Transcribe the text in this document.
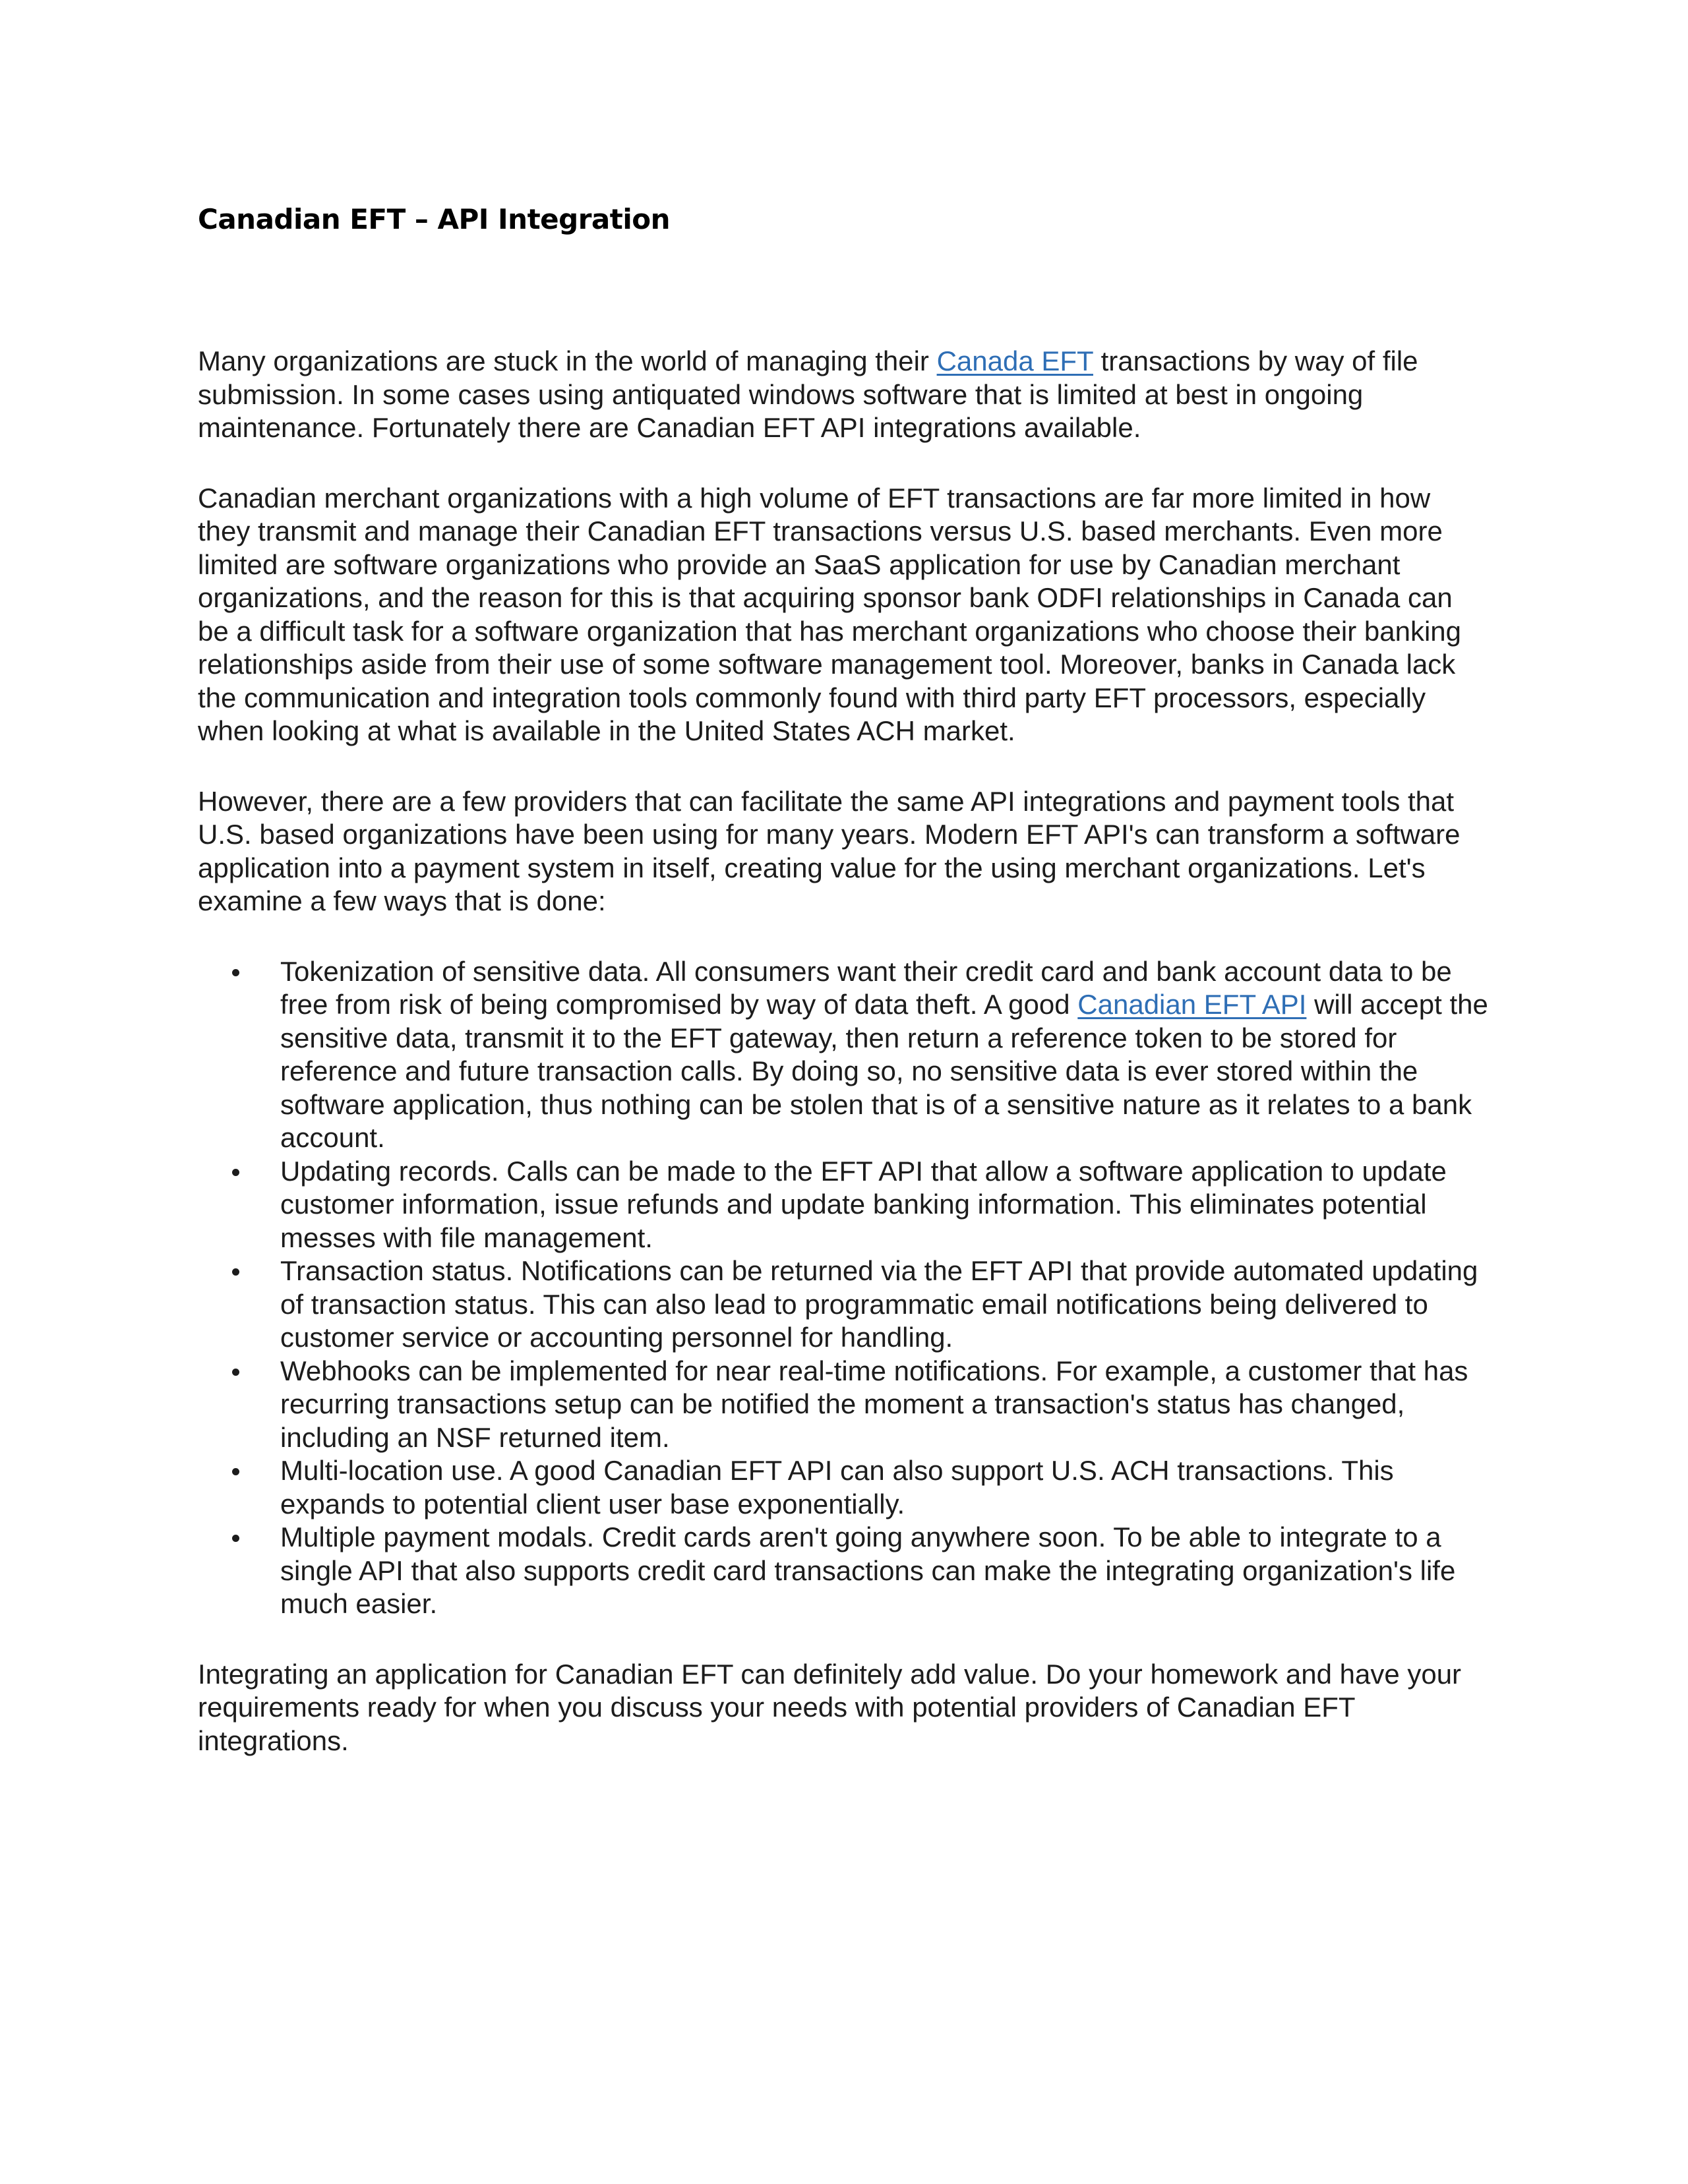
Canadian EFT – API Integration

Many organizations are stuck in the world of managing their Canada EFT transactions by way of file submission. In some cases using antiquated windows software that is limited at best in ongoing maintenance. Fortunately there are Canadian EFT API integrations available.

Canadian merchant organizations with a high volume of EFT transactions are far more limited in how they transmit and manage their Canadian EFT transactions versus U.S. based merchants. Even more limited are software organizations who provide an SaaS application for use by Canadian merchant organizations, and the reason for this is that acquiring sponsor bank ODFI relationships in Canada can be a difficult task for a software organization that has merchant organizations who choose their banking relationships aside from their use of some software management tool. Moreover, banks in Canada lack the communication and integration tools commonly found with third party EFT processors, especially when looking at what is available in the United States ACH market.

However, there are a few providers that can facilitate the same API integrations and payment tools that U.S. based organizations have been using for many years. Modern EFT API's can transform a software application into a payment system in itself, creating value for the using merchant organizations. Let's examine a few ways that is done:

Tokenization of sensitive data. All consumers want their credit card and bank account data to be free from risk of being compromised by way of data theft. A good Canadian EFT API will accept the sensitive data, transmit it to the EFT gateway, then return a reference token to be stored for reference and future transaction calls. By doing so, no sensitive data is ever stored within the software application, thus nothing can be stolen that is of a sensitive nature as it relates to a bank account.
Updating records. Calls can be made to the EFT API that allow a software application to update customer information, issue refunds and update banking information. This eliminates potential messes with file management.
Transaction status. Notifications can be returned via the EFT API that provide automated updating of transaction status. This can also lead to programmatic email notifications being delivered to customer service or accounting personnel for handling.
Webhooks can be implemented for near real-time notifications. For example, a customer that has recurring transactions setup can be notified the moment a transaction's status has changed, including an NSF returned item.
Multi-location use. A good Canadian EFT API can also support U.S. ACH transactions. This expands to potential client user base exponentially.
Multiple payment modals. Credit cards aren't going anywhere soon. To be able to integrate to a single API that also supports credit card transactions can make the integrating organization's life much easier.

Integrating an application for Canadian EFT can definitely add value. Do your homework and have your requirements ready for when you discuss your needs with potential providers of Canadian EFT integrations.
